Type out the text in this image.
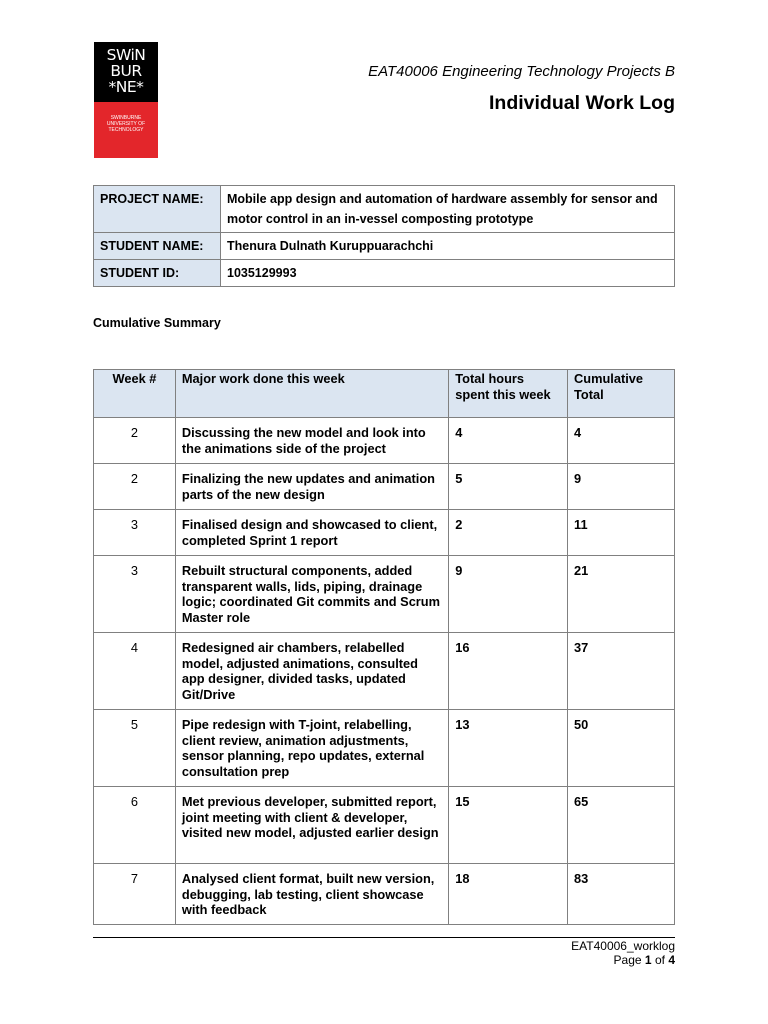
SWiN
BUR
*NE*
SWINBURNE
UNIVERSITY OF
TECHNOLOGY
EAT40006 Engineering Technology Projects B
Individual Work Log
PROJECT NAME:	Mobile app design and automation of hardware assembly for sensor and motor control in an in-vessel composting prototype
STUDENT NAME:	Thenura Dulnath Kuruppuarachchi
STUDENT ID:	1035129993
Cumulative Summary
Week #	Major work done this week	Total hours spent this week	Cumulative Total
2	Discussing the new model and look into the animations side of the project	4	4
2	Finalizing the new updates and animation parts of the new design	5	9
3	Finalised design and showcased to client, completed Sprint 1 report	2	11
3	Rebuilt structural components, added transparent walls, lids, piping, drainage logic; coordinated Git commits and Scrum Master role	9	21
4	Redesigned air chambers, relabelled model, adjusted animations, consulted app designer, divided tasks, updated Git/Drive	16	37
5	Pipe redesign with T-joint, relabelling, client review, animation adjustments, sensor planning, repo updates, external consultation prep	13	50
6	Met previous developer, submitted report, joint meeting with client & developer, visited new model, adjusted earlier design	15	65
7	Analysed client format, built new version, debugging, lab testing, client showcase with feedback	18	83
EAT40006_worklog
Page 1 of 4
